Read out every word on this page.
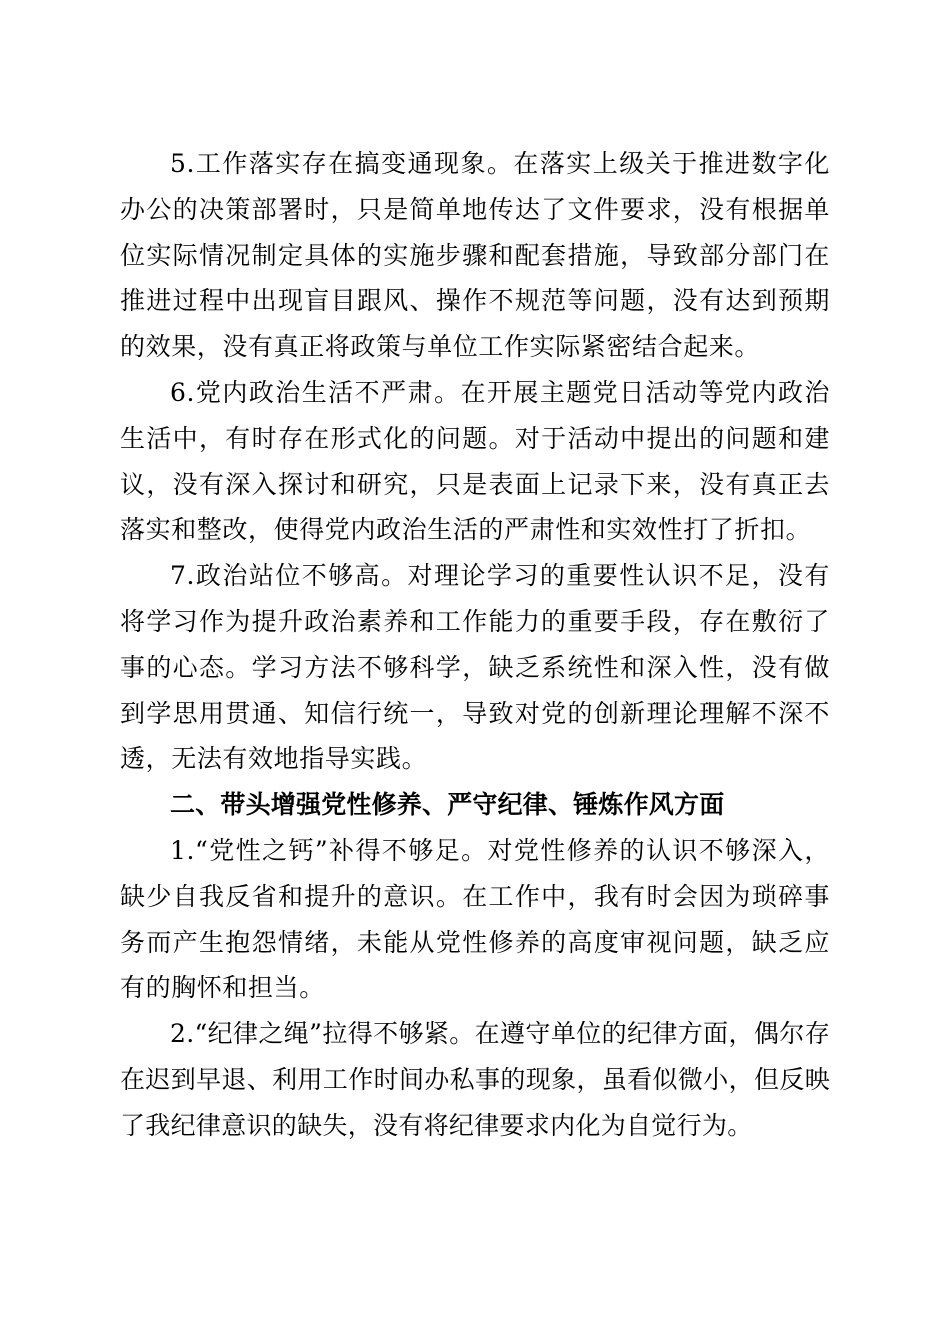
5.工作落实存在搞变通现象。在落实上级关于推进数字化办公的决策部署时，只是简单地传达了文件要求，没有根据单位实际情况制定具体的实施步骤和配套措施，导致部分部门在推进过程中出现盲目跟风、操作不规范等问题，没有达到预期的效果，没有真正将政策与单位工作实际紧密结合起来。

6.党内政治生活不严肃。在开展主题党日活动等党内政治生活中，有时存在形式化的问题。对于活动中提出的问题和建议，没有深入探讨和研究，只是表面上记录下来，没有真正去落实和整改，使得党内政治生活的严肃性和实效性打了折扣。

7.政治站位不够高。对理论学习的重要性认识不足，没有将学习作为提升政治素养和工作能力的重要手段，存在敷衍了事的心态。学习方法不够科学，缺乏系统性和深入性，没有做到学思用贯通、知信行统一，导致对党的创新理论理解不深不透，无法有效地指导实践。

二、带头增强党性修养、严守纪律、锤炼作风方面

1.“党性之钙”补得不够足。对党性修养的认识不够深入，缺少自我反省和提升的意识。在工作中，我有时会因为琐碎事务而产生抱怨情绪，未能从党性修养的高度审视问题，缺乏应有的胸怀和担当。

2.“纪律之绳”拉得不够紧。在遵守单位的纪律方面，偶尔存在迟到早退、利用工作时间办私事的现象，虽看似微小，但反映了我纪律意识的缺失，没有将纪律要求内化为自觉行为。
